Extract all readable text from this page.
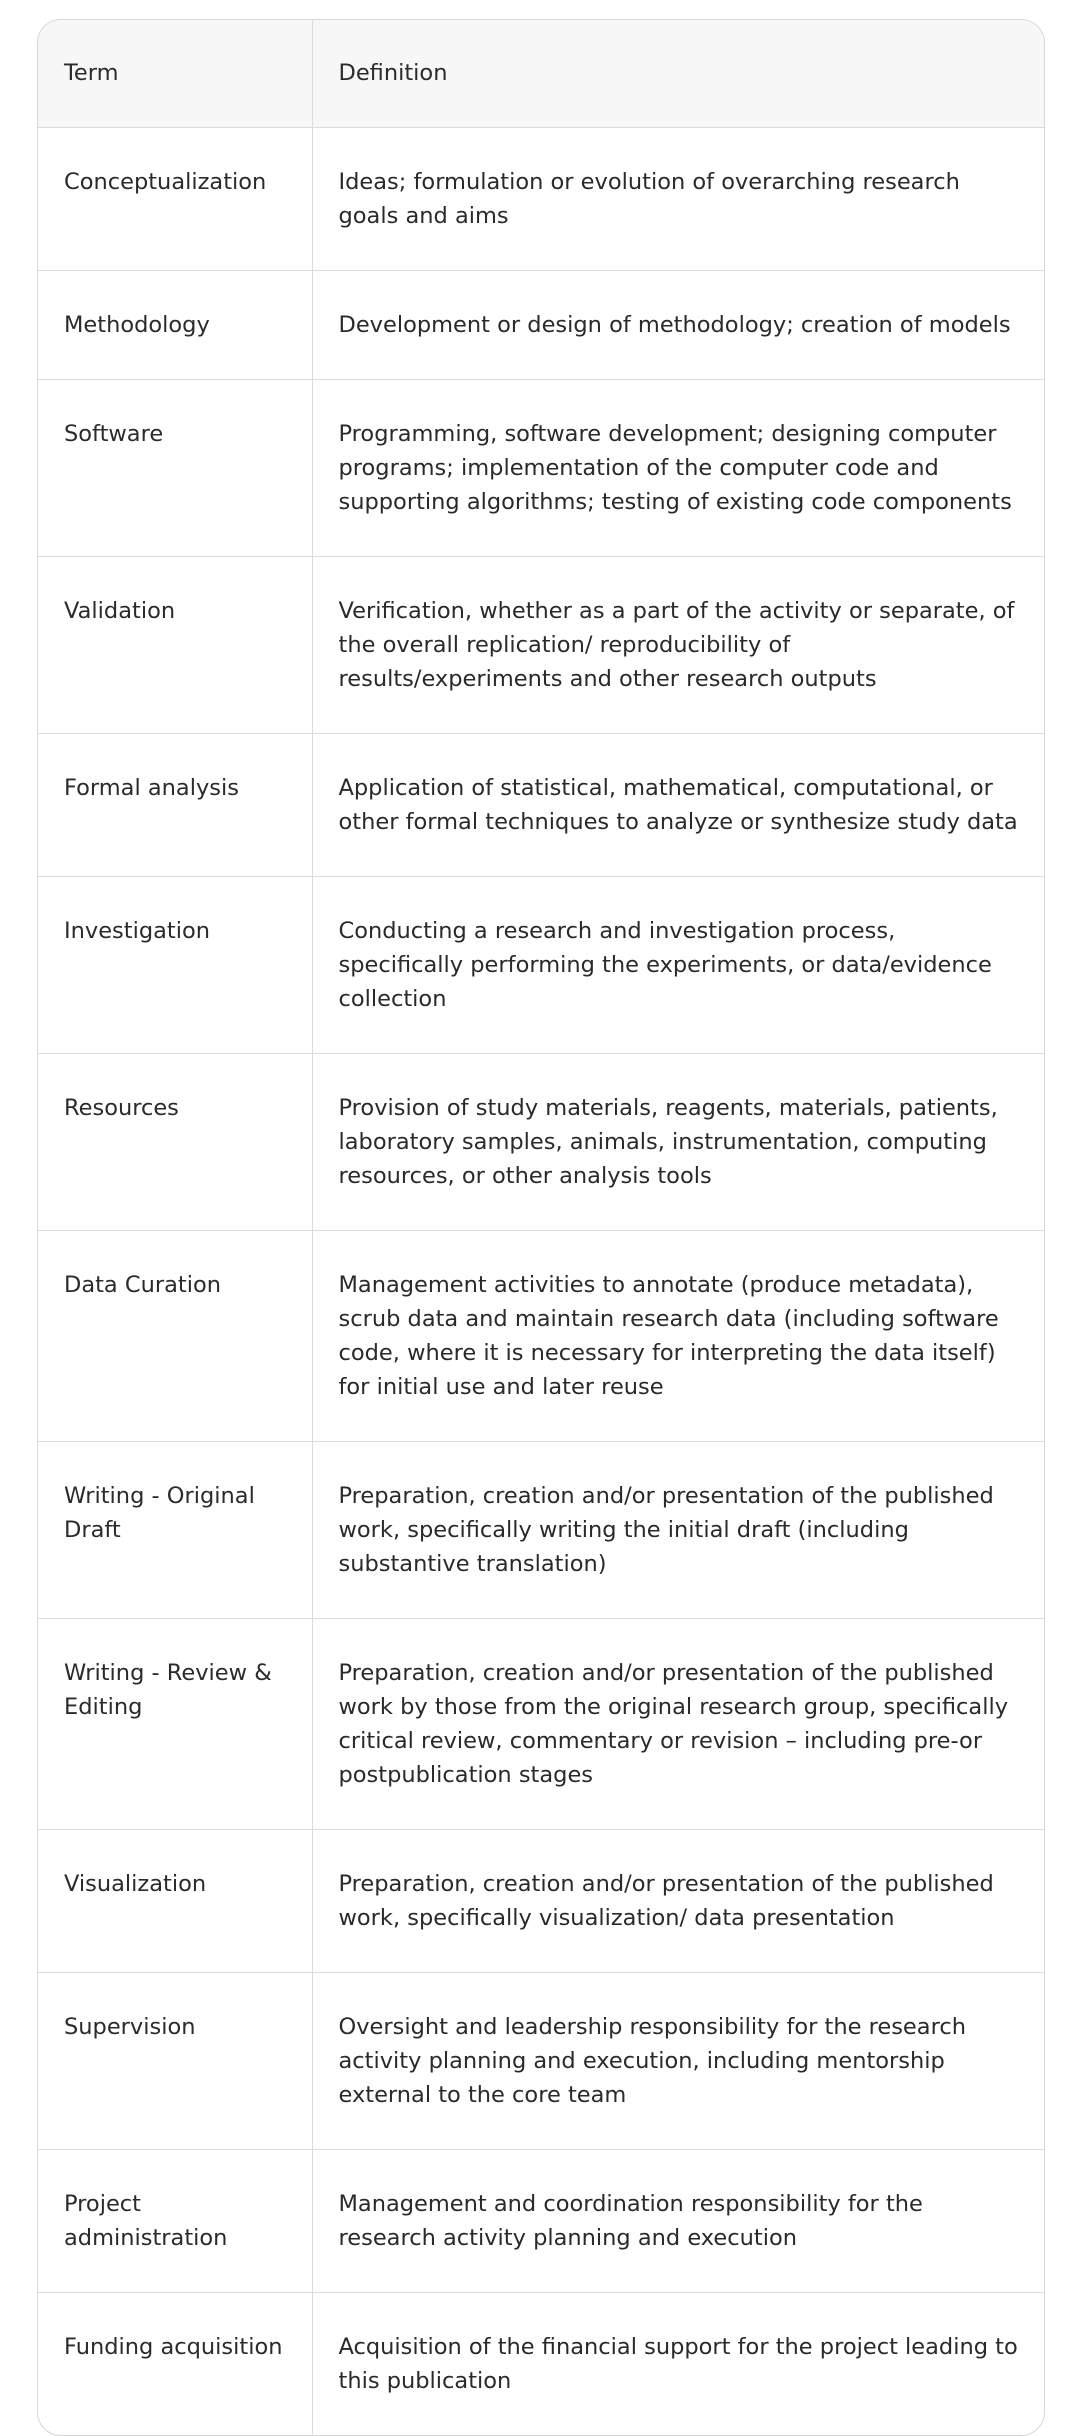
Term	Definition
Conceptualization	Ideas; formulation or evolution of overarching research goals and aims
Methodology	Development or design of methodology; creation of models
Software	Programming, software development; designing computer programs; implementation of the computer code and supporting algorithms; testing of existing code components
Validation	Verification, whether as a part of the activity or separate, of the overall replication/ reproducibility of results/experiments and other research outputs
Formal analysis	Application of statistical, mathematical, computational, or other formal techniques to analyze or synthesize study data
Investigation	Conducting a research and investigation process, specifically performing the experiments, or data/evidence collection
Resources	Provision of study materials, reagents, materials, patients, laboratory samples, animals, instrumentation, computing resources, or other analysis tools
Data Curation	Management activities to annotate (produce metadata), scrub data and maintain research data (including software code, where it is necessary for interpreting the data itself) for initial use and later reuse
Writing - Original Draft	Preparation, creation and/or presentation of the published work, specifically writing the initial draft (including substantive translation)
Writing - Review & Editing	Preparation, creation and/or presentation of the published work by those from the original research group, specifically critical review, commentary or revision – including pre-or postpublication stages
Visualization	Preparation, creation and/or presentation of the published work, specifically visualization/ data presentation
Supervision	Oversight and leadership responsibility for the research activity planning and execution, including mentorship external to the core team
Project administration	Management and coordination responsibility for the research activity planning and execution
Funding acquisition	Acquisition of the financial support for the project leading to this publication
